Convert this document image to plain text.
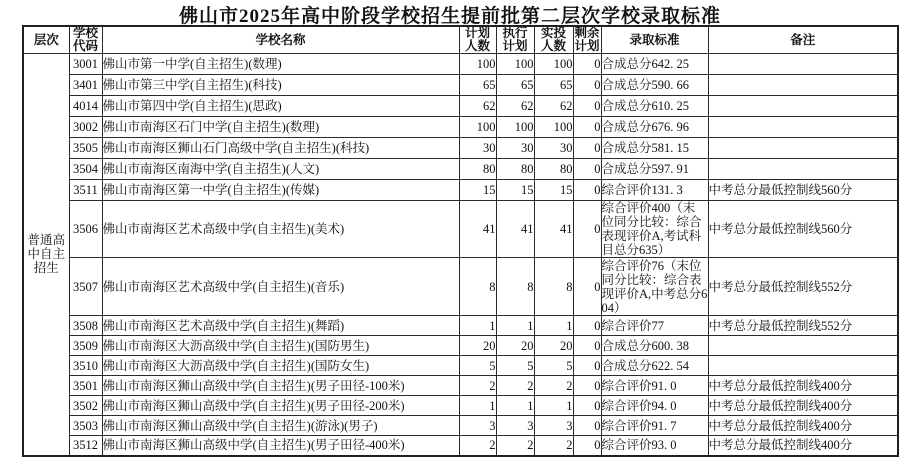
佛山市2025年高中阶段学校招生提前批第二层次学校录取标准
层次	学校代码	学校名称	计划人数	执行计划	实投人数	剩余计划	录取标准	备注
普通高中自主招生	3001	佛山市第一中学(自主招生)(数理)	100	100	100	0	合成总分642. 25	
	3401	佛山市第三中学(自主招生)(科技)	65	65	65	0	合成总分590. 66	
	4014	佛山市第四中学(自主招生)(思政)	62	62	62	0	合成总分610. 25	
	3002	佛山市南海区石门中学(自主招生)(数理)	100	100	100	0	合成总分676. 96	
	3505	佛山市南海区狮山石门高级中学(自主招生)(科技)	30	30	30	0	合成总分581. 15	
	3504	佛山市南海区南海中学(自主招生)(人文)	80	80	80	0	合成总分597. 91	
	3511	佛山市南海区第一中学(自主招生)(传媒)	15	15	15	0	综合评价131. 3	中考总分最低控制线560分
	3506	佛山市南海区艺术高级中学(自主招生)(美术)	41	41	41	0	综合评价400（末位同分比较：综合表现评价A,考试科目总分635）	中考总分最低控制线560分
	3507	佛山市南海区艺术高级中学(自主招生)(音乐)	8	8	8	0	综合评价76（末位同分比较：综合表现评价A,中考总分604）	中考总分最低控制线552分
	3508	佛山市南海区艺术高级中学(自主招生)(舞蹈)	1	1	1	0	综合评价77	中考总分最低控制线552分
	3509	佛山市南海区大沥高级中学(自主招生)(国防男生)	20	20	20	0	合成总分600. 38	
	3510	佛山市南海区大沥高级中学(自主招生)(国防女生)	5	5	5	0	合成总分622. 54	
	3501	佛山市南海区狮山高级中学(自主招生)(男子田径-100米)	2	2	2	0	综合评价91. 0	中考总分最低控制线400分
	3502	佛山市南海区狮山高级中学(自主招生)(男子田径-200米)	1	1	1	0	综合评价94. 0	中考总分最低控制线400分
	3503	佛山市南海区狮山高级中学(自主招生)(游泳)(男子)	3	3	3	0	综合评价91. 7	中考总分最低控制线400分
	3512	佛山市南海区狮山高级中学(自主招生)(男子田径-400米)	2	2	2	0	综合评价93. 0	中考总分最低控制线400分
